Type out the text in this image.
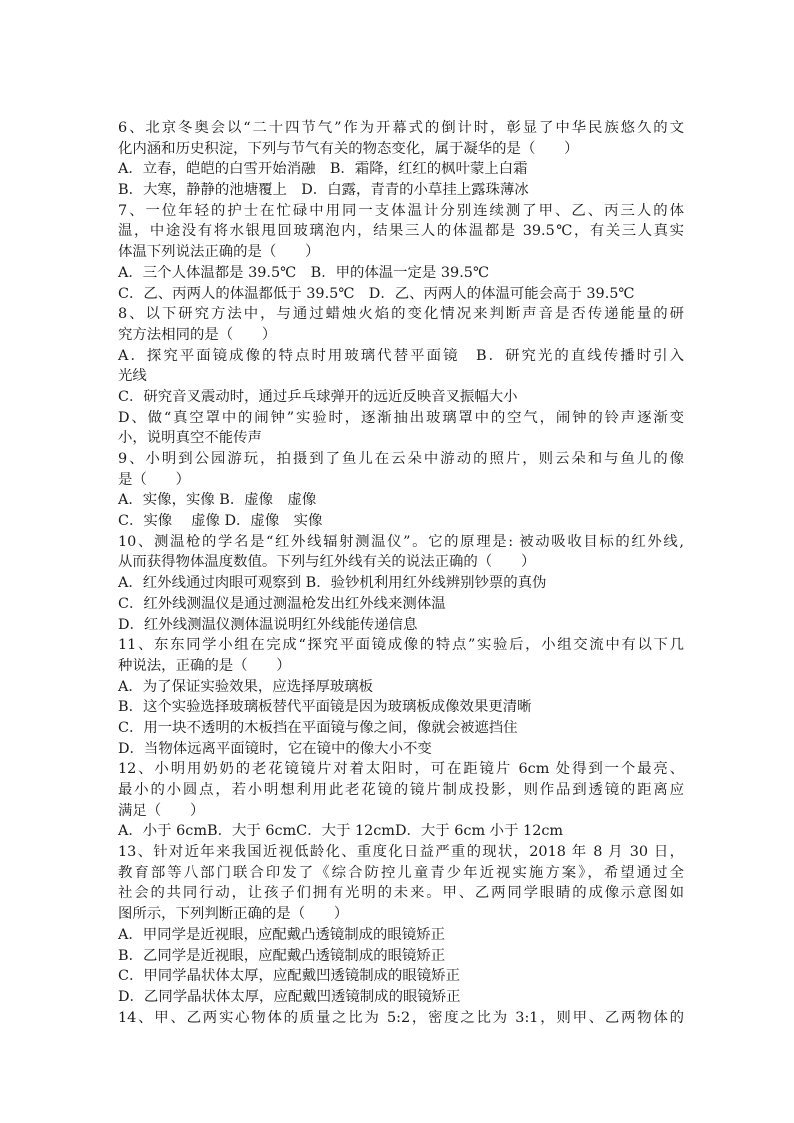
6、北京冬奥会以“二十四节气”作为开幕式的倒计时，彰显了中华民族悠久的文
化内涵和历史积淀，下列与节气有关的物态变化，属于凝华的是（　　）
A．立春，皑皑的白雪开始消融　B．霜降，红红的枫叶蒙上白霜
B．大寒，静静的池塘覆上　D．白露，青青的小草挂上露珠薄冰
7、一位年轻的护士在忙碌中用同一支体温计分别连续测了甲、乙、丙三人的体
温，中途没有将水银甩回玻璃泡内，结果三人的体温都是 39.5℃，有关三人真实
体温下列说法正确的是（　　）
A．三个人体温都是 39.5℃　B．甲的体温一定是 39.5℃
C．乙、丙两人的体温都低于 39.5℃　D．乙、丙两人的体温可能会高于 39.5℃
8、以下研究方法中，与通过蜡烛火焰的变化情况来判断声音是否传递能量的研
究方法相同的是（　　）
A．探究平面镜成像的特点时用玻璃代替平面镜　B．研究光的直线传播时引入
光线
C．研究音叉震动时，通过乒乓球弹开的远近反映音叉振幅大小
D、做“真空罩中的闹钟”实验时，逐渐抽出玻璃罩中的空气，闹钟的铃声逐渐变
小，说明真空不能传声
9、小明到公园游玩，拍摄到了鱼儿在云朵中游动的照片，则云朵和与鱼儿的像
是（　　）
A．实像，实像 B．虚像　虚像
C．实像　 虚像 D．虚像　实像
10、测温枪的学名是“红外线辐射测温仪”。它的原理是: 被动吸收目标的红外线,
从而获得物体温度数值。下列与红外线有关的说法正确的（　　）
A．红外线通过肉眼可观察到 B．验钞机利用红外线辨别钞票的真伪
C．红外线测温仪是通过测温枪发出红外线来测体温
D．红外线测温仪测体温说明红外线能传递信息
11、东东同学小组在完成“探究平面镜成像的特点”实验后，小组交流中有以下几
种说法，正确的是（　　）
A．为了保证实验效果，应选择厚玻璃板
B．这个实验选择玻璃板替代平面镜是因为玻璃板成像效果更清晰
C．用一块不透明的木板挡在平面镜与像之间，像就会被遮挡住
D．当物体远离平面镜时，它在镜中的像大小不变
12、小明用奶奶的老花镜镜片对着太阳时，可在距镜片 6cm 处得到一个最亮、
最小的小圆点，若小明想利用此老花镜的镜片制成投影，则作品到透镜的距离应
满足（　　）
A．小于 6cmB．大于 6cmC．大于 12cmD．大于 6cm 小于 12cm
13、针对近年来我国近视低龄化、重度化日益严重的现状，2018 年 8 月 30 日，
教育部等八部门联合印发了《综合防控儿童青少年近视实施方案》，希望通过全
社会的共同行动，让孩子们拥有光明的未来。甲、乙两同学眼睛的成像示意图如
图所示，下列判断正确的是（　　）
A．甲同学是近视眼，应配戴凸透镜制成的眼镜矫正
B．乙同学是近视眼，应配戴凸透镜制成的眼镜矫正
C．甲同学晶状体太厚，应配戴凹透镜制成的眼镜矫正
D．乙同学晶状体太厚，应配戴凹透镜制成的眼镜矫正
14、甲、乙两实心物体的质量之比为 5:2，密度之比为 3:1，则甲、乙两物体的
